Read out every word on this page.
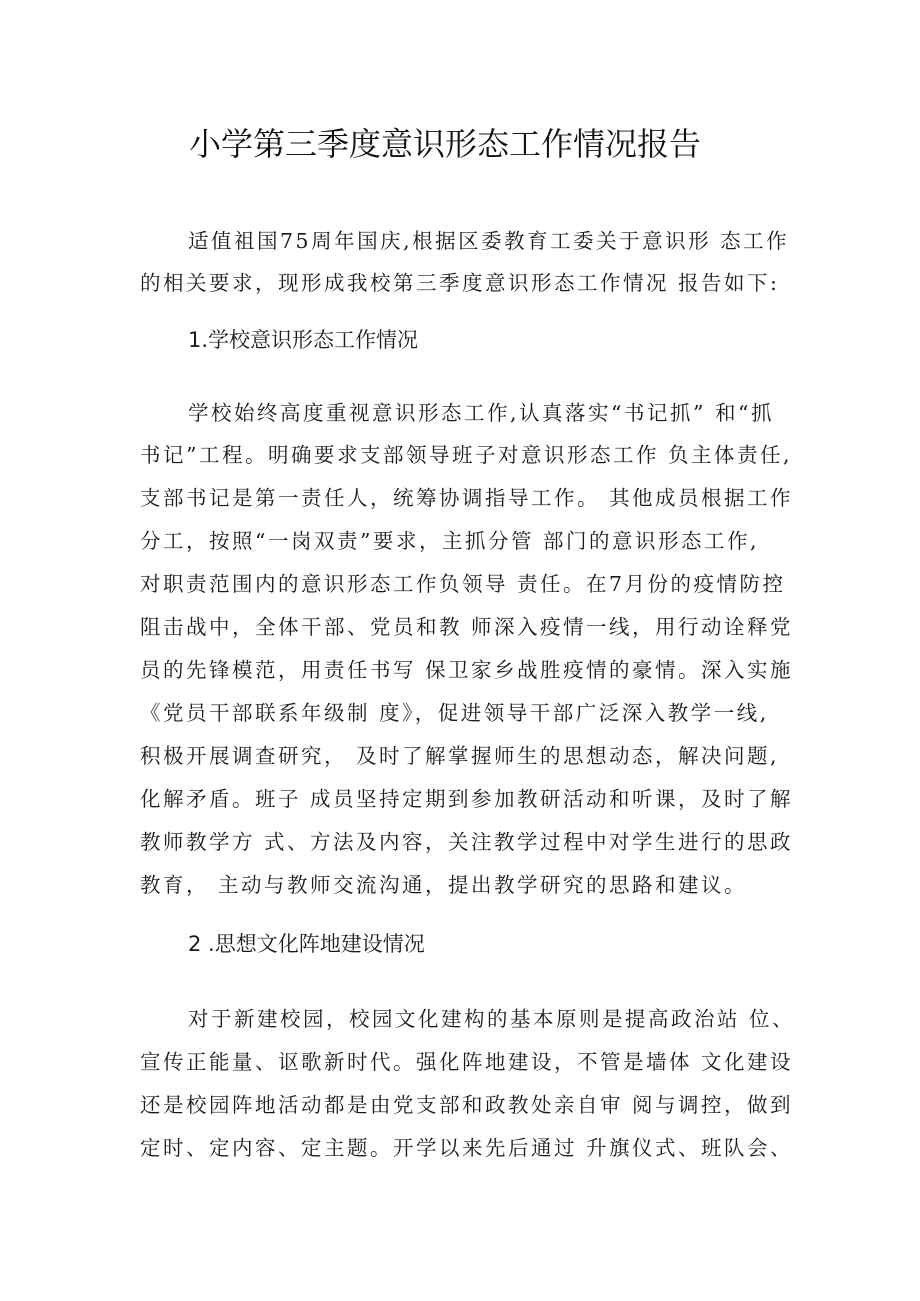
小学第三季度意识形态工作情况报告
适值祖国75周年国庆,根据区委教育工委关于意识形 态工作
的相关要求，现形成我校第三季度意识形态工作情况 报告如下:
1.学校意识形态工作情况
学校始终高度重视意识形态工作,认真落实“书记抓” 和“抓
书记”工程。明确要求支部领导班子对意识形态工作 负主体责任,
支部书记是第一责任人，统筹协调指导工作。 其他成员根据工作
分工，按照“一岗双责”要求，主抓分管 部门的意识形态工作,
对职责范围内的意识形态工作负领导 责任。在7月份的疫情防控
阻击战中，全体干部、党员和教 师深入疫情一线，用行动诠释党
员的先锋模范，用责任书写 保卫家乡战胜疫情的豪情。深入实施
《党员干部联系年级制 度》，促进领导干部广泛深入教学一线,
积极开展调查研究， 及时了解掌握师生的思想动态，解决问题,
化解矛盾。班子 成员坚持定期到参加教研活动和听课，及时了解
教师教学方 式、方法及内容，关注教学过程中对学生进行的思政
教育， 主动与教师交流沟通，提出教学研究的思路和建议。
2 .思想文化阵地建设情况
对于新建校园，校园文化建构的基本原则是提高政治站 位、
宣传正能量、讴歌新时代。强化阵地建设，不管是墙体 文化建设
还是校园阵地活动都是由党支部和政教处亲自审 阅与调控，做到
定时、定内容、定主题。开学以来先后通过 升旗仪式、班队会、
